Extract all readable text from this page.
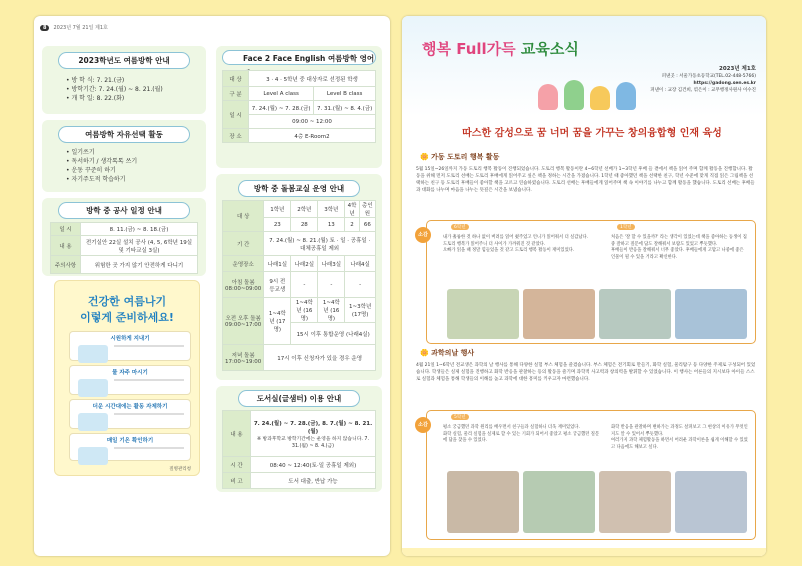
8 2023년 7월 21일 제1호
2023학년도 여름방학 안내
• 방 학 식: 7. 21.(금)
• 방학기간: 7. 24.(월) ~ 8. 21.(월)
• 개 학 일: 8. 22.(화)
여름방학 자유선택 활동
• 일기쓰기
• 독서하기 / 생각톡톡 쓰기
• 운동 꾸준히 하기
• 자기주도적 학습하기
방학 중 공사 일정 안내
일 시	8. 11.(금) ~ 8. 18.(금)
내 용	전기실안 22실 설치 공사 (4, 5, 6학년 19실 및 기타교실 3실)
주의사항	위험한 곳 가지 않기 안전하게 다니기
건강한 여름나기
이렇게 준비하세요!
시원하게 지내기
물 자주 마시기
더운 시간대에는 활동 자제하기
매일 기온 확인하기
질병관리청
Face 2 Face English 여름방학 영어
대 상	3 · 4 · 5학년 중 대상자로 선정된 학생	
구 분	Level A class	Level B class
일 시	7. 24.(월) ~ 7. 28.(금)	7. 31.(월) ~ 8. 4.(금)
	09:00 ~ 12:00	
장 소	4층 E-Room2	
방학 중 돌봄교실 운영 안내
대 상	1학년	2학년	3학년	4학년	총인원
	23	28	13	2	66
기 간	7. 24.(월) ~ 8. 21.(월) 토 · 일 · 공휴일 · 대체공휴일 제외				
운영장소	나래1실	나래2실	나래3실	나래4실	
아침 돌봄 08:00~09:00	9시 전 등교생	-	-	-	
오전 오후 돌봄 09:00~17:00	1~4학년 (17명)	1~4학년 (16명)	1~4학년 (16명)	1~3학년 (17명)	
		15시 이후 통합운영 (나래4실)			
저녁 돌봄 17:00~19:00	17시 이후 신청자가 있을 경우 운영				
도서실(글샘터) 이용 안내
내 용	7. 24.(월) ~ 7. 28.(금), 8. 7.(월) ~ 8. 21.(월)
※ 방과후학교 방학기간에는 운영을 하지 않습니다. 7. 31.(월) ~ 8. 4.(금)

시 간	08:40 ~ 12:40(토·일 공휴일 제외)
비 고	도서 대출, 반납 가능
행복 Full가득 교육소식
2023년 제1호
펴낸곳 : 서울가동초등학교(TEL.02-448-5766)
https://gadong.sen.es.kr
펴낸이 : 교장 김건희, 엮은이 : 교무행정사원사 이수진
따스한 감성으로 꿈 너머 꿈을 가꾸는 창의융합형 인재 육성
🌼 가동 도토리 행복 활동
5월 15일~26일까지 가동 도토리 행복 활동이 진행되었습니다. 도토리 행복 활동이란 4~6학년 선배가 1~3학년 후배 들 곁에서 책을 읽어 주며 함께 활동을 진행합니다. 활동을 위해 먼저 도토리 선배는 도토리 후배에게 읽어주고 싶은 책을 정하는 시간을 가졌습니다. 1학년 때 좋아했던 책을 선택한 친구, 학년 수준에 맞게 직접 읽은 그림책을 선택하는 친구 등 도토리 후배들이 좋아할 책을 고르고 연습하였습니다. 도토리 선배는 후배들에게 읽어주며 책 속 이야기를 나누고 함께 활동을 했습니다. 도토리 선배는 후배들과 대화를 나누며 마음을 나누는 뜻깊은 시간을 보냈습니다.
소감
6학년	1학년
내가 훌륭한 것 하나 없이 버려를 읽어 줬주었고 언니가 읽어줘서 더 실감났다.
도토리 행복가 읽어주니 더 사이가 가까워진 것 같았다.
오빠가 읽을 때 정말 힘들었을 것 같고 도토리 행복 활동이 재미있었다.
처음은 '잘 할 수 있을까?' 라는 생각이 있었는데 책을 좋아하는 동생이 집중 잘하고 질문에 답도 잘해줘서 보람도 있었고 뿌듯했다.
후배들이 반응을 잘해줘서 너무 좋았다. 후배들에게 고맙고 나중에 좋은 인물이 될 수 있을 거라고 확신한다.
🌼 과학의날 행사
4월 21일 1~6학년 전교생은 과학의 날 행사를 통해 다양한 실험 부스 체험을 즐겼습니다. 부스 체험은 전기회로 만들기, 화학 실험, 물리탐구 등 다양한 주제로 구성되어 있었습니다. 학생들은 실제 실험을 진행하고 화학 반응을 관찰하는 등의 활동을 즐기며 과학적 사고력과 창의력을 발휘할 수 있었습니다. 이 행사는 어른들의 지시보다 아이들 스스로 실험과 체험을 통해 학생들의 이해를 높고 과학에 대한 흥미를 키우고자 마련했습니다.
소감
5학년
평소 궁금했던 과학 원리를 배우면서 친구들과 실험하니 더욱 재미있었다.
화학 실험, 물리 실험을 실제로 할 수 있는 기회가 되어서 좋았고 평소 궁금했던 질문에 답을 찾을 수 있었다.
화학 반응을 관찰하며 변하가는 과정도 살펴보고 그 현상의 이유가 무엇인지도 알 수 있어서 뿌듯했다.
여러가지 과학 체험활동을 하면서 어려운 과학이론을 쉽게 이해할 수 있었고 다음에도 해보고 싶다.
